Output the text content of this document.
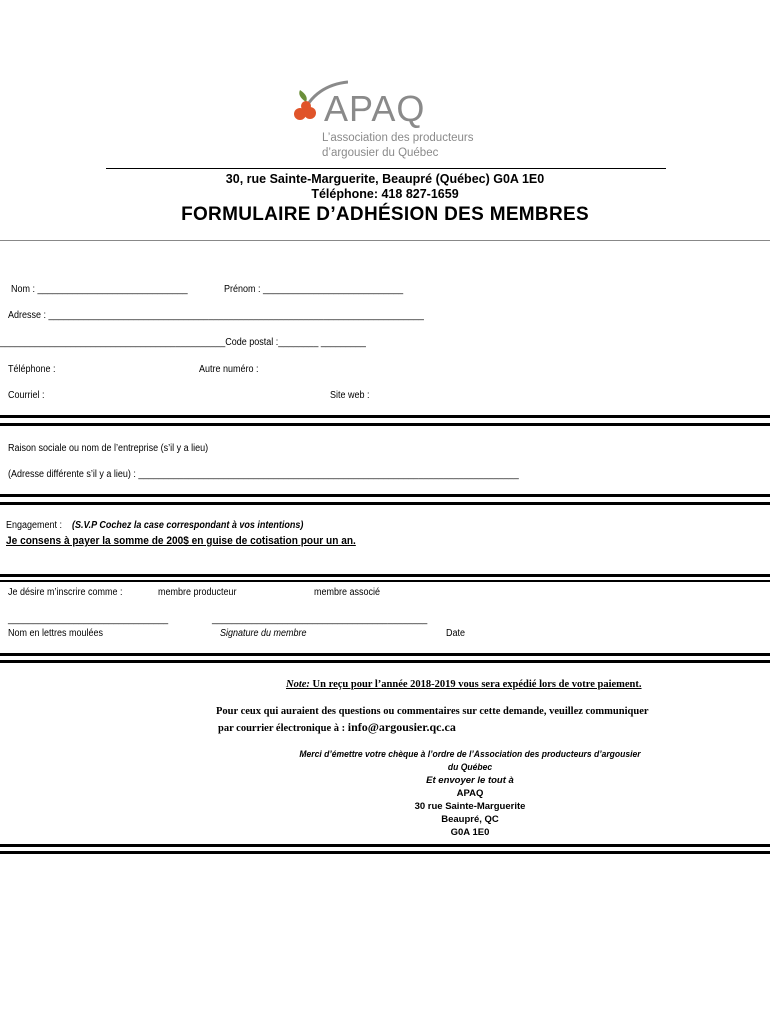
APAQ
L’association des producteurs
d’argousier du Québec
30, rue Sainte-Marguerite, Beaupré (Québec) G0A 1E0
Téléphone: 418 827-1659
FORMULAIRE D’ADHÉSION DES MEMBRES
Nom : ______________________________	Prénom : ____________________________
Adresse : ___________________________________________________________________________
_____________________________________________Code postal :________ _________
Téléphone :	Autre numéro :
Courriel :	Site web :
Raison sociale ou nom de l’entreprise (s’il y a lieu)
(Adresse différente s’il y a lieu) : ____________________________________________________________________________
Engagement : (S.V.P Cochez la case correspondant à vos intentions)
Je consens à payer la somme de 200$ en guise de cotisation pour un an.
Je désire m’inscrire comme :	membre producteur	membre associé
________________________________	___________________________________________
Nom en lettres moulées	Signature du membre	Date
Note: Un reçu pour l’année 2018-2019 vous sera expédié lors de votre paiement.
Pour ceux qui auraient des questions ou commentaires sur cette demande, veuillez communiquer
par courrier électronique à : info@argousier.qc.ca
Merci d’émettre votre chèque à l’ordre de l’Association des producteurs d’argousier du Québec
Et envoyer le tout à
APAQ
30 rue Sainte-Marguerite
Beaupré, QC
G0A 1E0
